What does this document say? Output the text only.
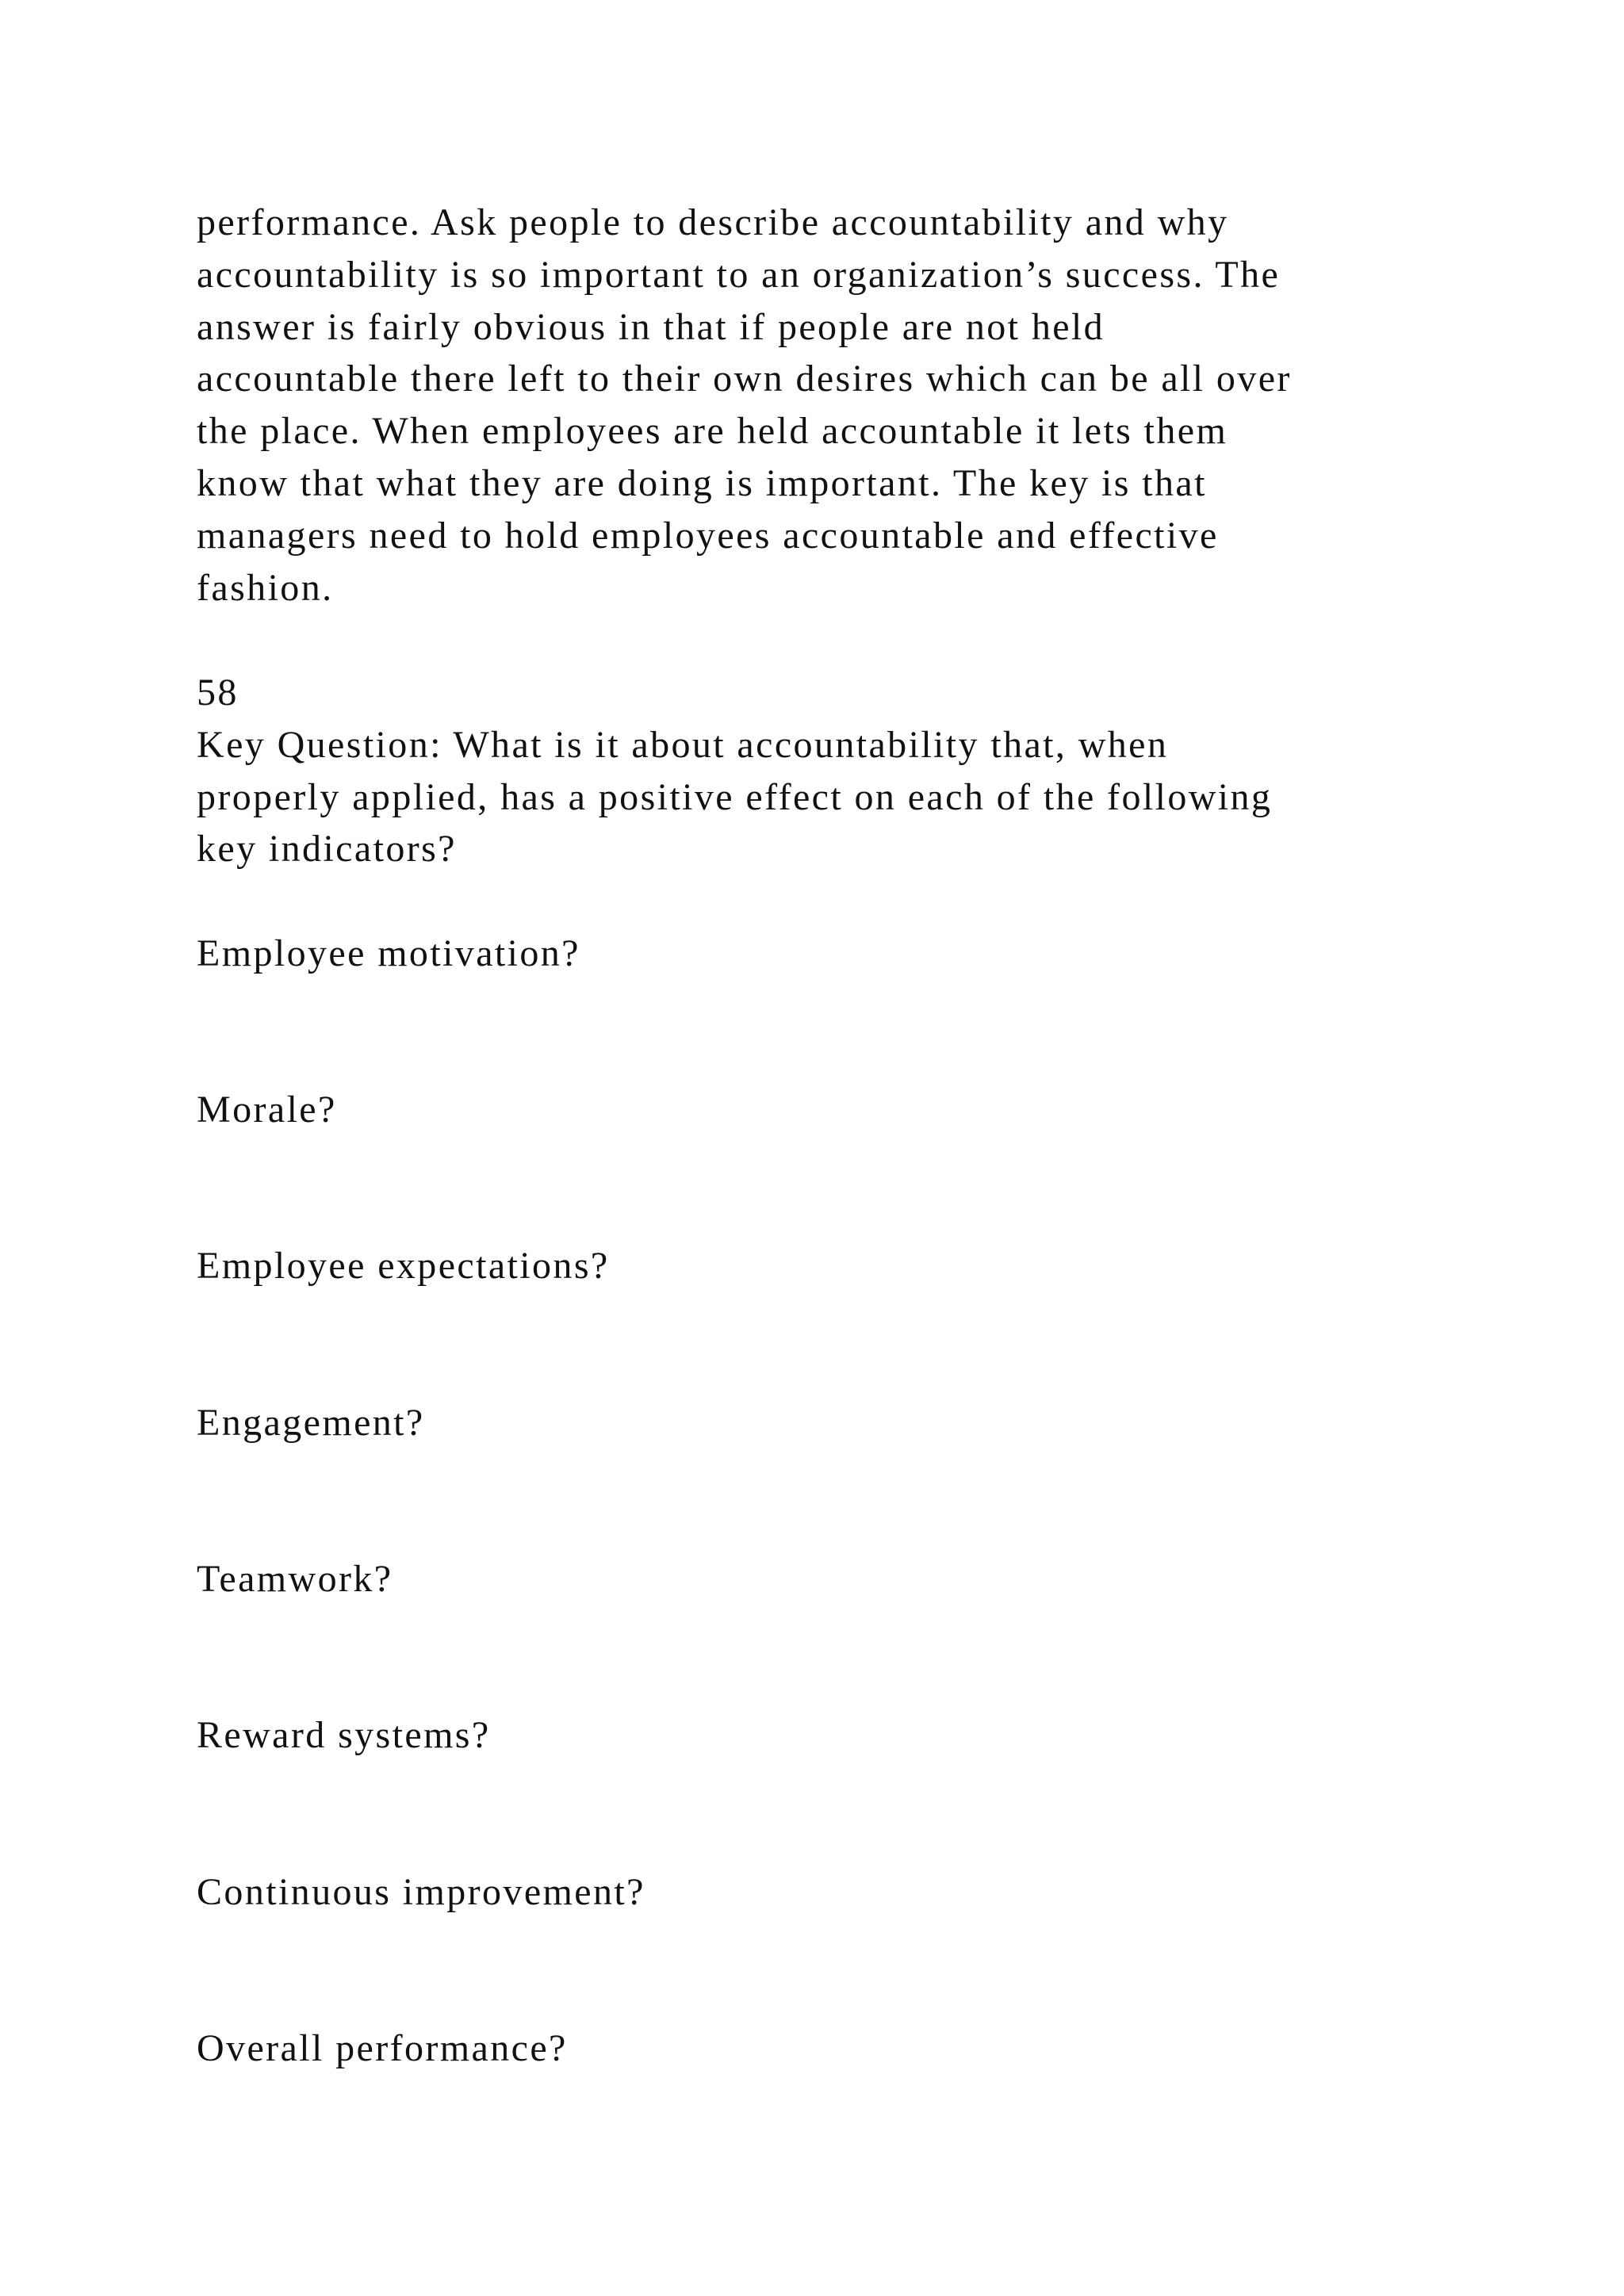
performance. Ask people to describe accountability and why
accountability is so important to an organization’s success. The
answer is fairly obvious in that if people are not held
accountable there left to their own desires which can be all over
the place. When employees are held accountable it lets them
know that what they are doing is important. The key is that
managers need to hold employees accountable and effective
fashion.
58
Key Question: What is it about accountability that, when
properly applied, has a positive effect on each of the following
key indicators?
Employee motivation?
Morale?
Employee expectations?
Engagement?
Teamwork?
Reward systems?
Continuous improvement?
Overall performance?
